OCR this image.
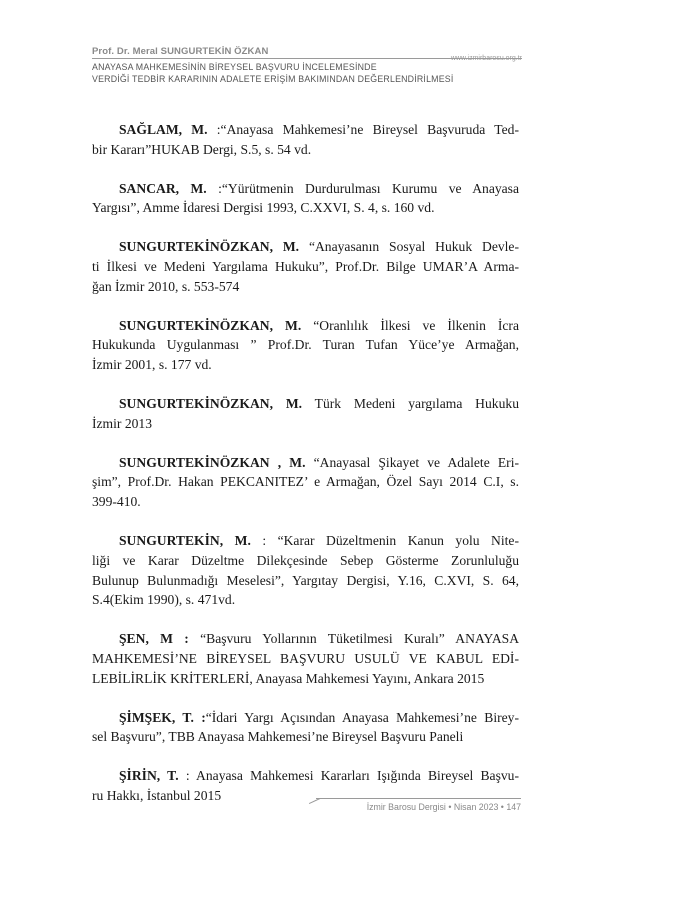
Prof. Dr. Meral SUNGURTEKİN ÖZKAN
ANAYASA MAHKEMESİNİN BİREYSEL BAŞVURU İNCELEMESİNDE
VERDİĞİ TEDBİR KARARININ ADALETE ERİŞİM BAKIMINDAN DEĞERLENDİRİLMESİ
SAĞLAM, M. :“Anayasa Mahkemesi’ne Bireysel Başvuruda Ted-
bir Kararı”HUKAB Dergi, S.5, s. 54 vd.
SANCAR, M. :“Yürütmenin Durdurulması Kurumu ve Anayasa
Yargısı”, Amme İdaresi Dergisi 1993, C.XXVI, S. 4, s. 160 vd.
SUNGURTEKİNÖZKAN, M. “Anayasanın Sosyal Hukuk Devle-
ti İlkesi ve Medeni Yargılama Hukuku”, Prof.Dr. Bilge UMAR’A Arma-
ğan İzmir 2010, s. 553-574
SUNGURTEKİNÖZKAN, M. “Oranlılık İlkesi ve İlkenin İcra
Hukukunda Uygulanması ” Prof.Dr. Turan Tufan Yüce’ye Armağan,
İzmir 2001, s. 177 vd.
SUNGURTEKİNÖZKAN, M. Türk Medeni yargılama Hukuku
İzmir 2013
SUNGURTEKİNÖZKAN , M. “Anayasal Şikayet ve Adalete Eri-
şim”, Prof.Dr. Hakan PEKCANITEZ’ e Armağan, Özel Sayı 2014 C.I, s.
399-410.
SUNGURTEKİN, M. : “Karar Düzeltmenin Kanun yolu Nite-
liği ve Karar Düzeltme Dilekçesinde Sebep Gösterme Zorunluluğu
Bulunup Bulunmadığı Meselesi”, Yargıtay Dergisi, Y.16, C.XVI, S. 64,
S.4(Ekim 1990), s. 471vd.
ŞEN, M : “Başvuru Yollarının Tüketilmesi Kuralı” ANAYASA
MAHKEMESİ’NE BİREYSEL BAŞVURU USULÜ VE KABUL EDİ-
LEBİLİRLİK KRİTERLERİ, Anayasa Mahkemesi Yayını, Ankara 2015
ŞİMŞEK, T. :“İdari Yargı Açısından Anayasa Mahkemesi’ne Birey-
sel Başvuru”, TBB Anayasa Mahkemesi’ne Bireysel Başvuru Paneli
ŞİRİN, T. : Anayasa Mahkemesi Kararları Işığında Bireysel Başvu-
ru Hakkı, İstanbul 2015
İzmir Barosu Dergisi • Nisan 2023 • 147
